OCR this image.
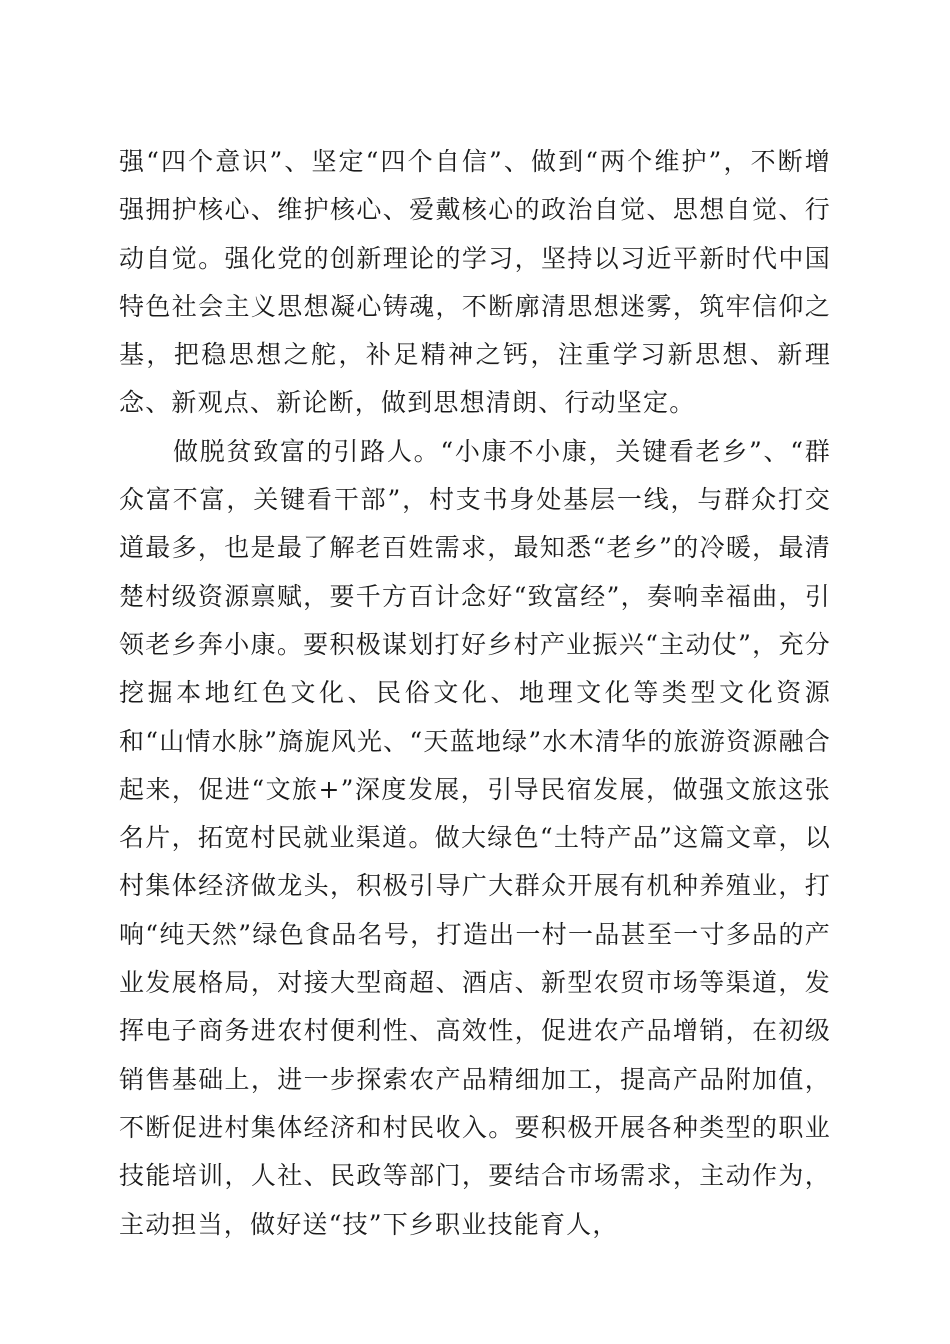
强“四个意识”、坚定“四个自信”、做到“两个维护”，不断增强拥护核心、维护核心、爱戴核心的政治自觉、思想自觉、行动自觉。强化党的创新理论的学习，坚持以习近平新时代中国特色社会主义思想凝心铸魂，不断廓清思想迷雾，筑牢信仰之基，把稳思想之舵，补足精神之钙，注重学习新思想、新理念、新观点、新论断，做到思想清朗、行动坚定。

做脱贫致富的引路人。“小康不小康，关键看老乡”、“群众富不富，关键看干部”，村支书身处基层一线，与群众打交道最多，也是最了解老百姓需求，最知悉“老乡”的冷暖，最清楚村级资源禀赋，要千方百计念好“致富经”，奏响幸福曲，引领老乡奔小康。要积极谋划打好乡村产业振兴“主动仗”，充分挖掘本地红色文化、民俗文化、地理文化等类型文化资源和“山情水脉”旖旎风光、“天蓝地绿”水木清华的旅游资源融合起来，促进“文旅+”深度发展，引导民宿发展，做强文旅这张名片，拓宽村民就业渠道。做大绿色“土特产品”这篇文章，以村集体经济做龙头，积极引导广大群众开展有机种养殖业，打响“纯天然”绿色食品名号，打造出一村一品甚至一寸多品的产业发展格局，对接大型商超、酒店、新型农贸市场等渠道，发挥电子商务进农村便利性、高效性，促进农产品增销，在初级销售基础上，进一步探索农产品精细加工，提高产品附加值，不断促进村集体经济和村民收入。要积极开展各种类型的职业技能培训，人社、民政等部门，要结合市场需求，主动作为，主动担当，做好送“技”下乡职业技能育人，
